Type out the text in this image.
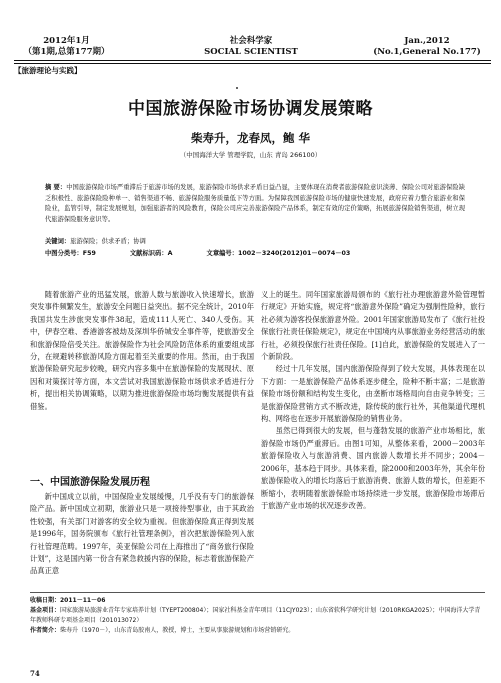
2012年1月
（第1期,总第177期）
社会科学家
SOCIAL SCIENTIST
Jan.,2012
(No.1,General No.177)
【旅游理论与实践】
中国旅游保险市场协调发展策略
柴寿升，龙春凤，鲍 华
（中国海洋大学 管理学院，山东 青岛 266100）
摘 要：中国旅游保险市场严重滞后于旅游市场的发展，旅游保险市场供求矛盾日益凸显，主要体现在消费者旅游保险意识淡薄、保险公司对旅游保险缺乏积极性、旅游保险险种单一、销售渠道不畅、旅游保险服务质量低下等方面。为保障我国旅游保险市场的健康快速发展，政府应着力整合旅游业和保险业，监管引导，制定发展规划，加强旅游者的风险教育，保险公司应完善旅游保险产品体系，制定有效的定价策略，拓展旅游保险销售渠道，树立现代旅游保险服务意识等。
关键词：旅游保险；供求矛盾；协调
中图分类号：F59	文献标识码：A	文章编号：1002－3240(2012)01－0074－03

随着旅游产业的迅猛发展，旅游人数与旅游收入快速增长，旅游突发事件频繁发生，旅游安全问题日益突出。据不完全统计，2010年我国共发生涉旅突发事件38起，造成111人死亡、340人受伤。其中，伊春空难、香港游客被劫及深圳华侨城安全事件等，使旅游安全和旅游保险倍受关注。旅游保险作为社会风险防范体系的重要组成部分，在规避转移旅游风险方面起着至关重要的作用。然而，由于我国旅游保险研究起步较晚，研究内容多集中在旅游保险的发展现状、原因和对策探讨等方面，本文尝试对我国旅游保险市场供求矛盾进行分析，提出相关协调策略，以期为推进旅游保险市场均衡发展提供有益借鉴。

一、中国旅游保险发展历程

新中国成立以前，中国保险业发展缓慢，几乎没有专门的旅游保险产品。新中国成立初期，旅游业只是一项接待型事业，由于其政治性较强，有关部门对游客的安全较为重视。但旅游保险真正得到发展是1996年，国务院颁布《旅行社管理条例》，首次把旅游保险列入旅行社管理范畴。1997年，美亚保险公司在上海推出了“商务旅行保险计划”，这是国内第一份含有紧急救援内容的保险，标志着旅游保险产品真正意

义上的诞生。同年国家旅游局颁布的《旅行社办理旅游意外险管理暂行规定》开始实施，规定将“旅游意外保险”确定为强制性险种，旅行社必须为游客投保旅游意外险。2001年国家旅游局发布了《旅行社投保旅行社责任保险规定》，规定在中国境内从事旅游业务经营活动的旅行社，必须投保旅行社责任保险。[1]自此，旅游保险的发展进入了一个新阶段。

经过十几年发展，国内旅游保险得到了较大发展，具体表现在以下方面：一是旅游保险产品体系逐步健全，险种不断丰富；二是旅游保险市场份额和结构发生变化，由垄断市场格局向自由竞争转变；三是旅游保险营销方式不断改进，除传统的旅行社外，其他渠道代理机构、网络也在逐步开展旅游保险的销售业务。

虽然已得到很大的发展，但与蓬勃发展的旅游产业市场相比，旅游保险市场仍严重滞后。由图1可知，从整体来看，2000－2003年旅游保险收入与旅游消费、国内旅游人数增长并不同步；2004－2006年，基本趋于同步。具体来看，除2000和2003年外，其余年份旅游保险收入的增长均落后于旅游消费、旅游人数的增长，但差距不断缩小，表明随着旅游保险市场持续进一步发展，旅游保险市场滞后于旅游产业市场的状况逐步改善。

收稿日期：2011－11－06
基金项目：国家旅游局旅游业青年专家培养计划（TYEPT200804）；国家社科基金青年项目（11CJY023）；山东省软科学研究计划（2010RKGA2025）；中国海洋大学青年教师科研专项基金项目（201013072）
作者简介：柴寿升（1970－），山东青岛胶南人，教授，博士，主要从事旅游规划和市场营销研究。
74
